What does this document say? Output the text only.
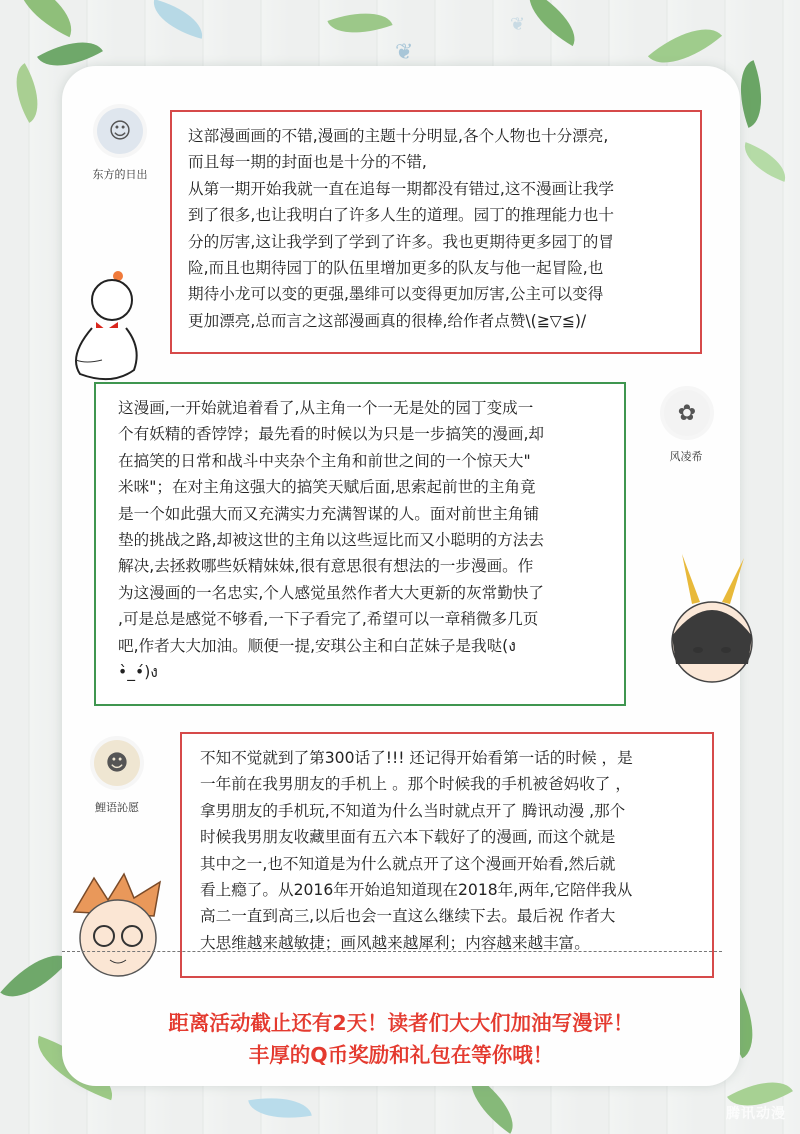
❦
❦
☺
东方的日出
这部漫画画的不错,漫画的主题十分明显,各个人物也十分漂亮,
而且每一期的封面也是十分的不错,
从第一期开始我就一直在追每一期都没有错过,这不漫画让我学
到了很多,也让我明白了许多人生的道理。园丁的推理能力也十
分的厉害,这让我学到了学到了许多。我也更期待更多园丁的冒
险,而且也期待园丁的队伍里增加更多的队友与他一起冒险,也
期待小龙可以变的更强,墨绯可以变得更加厉害,公主可以变得
更加漂亮,总而言之这部漫画真的很棒,给作者点赞\(≧▽≦)/
✿
风凌希
这漫画,一开始就追着看了,从主角一个一无是处的园丁变成一
个有妖精的香饽饽；最先看的时候以为只是一步搞笑的漫画,却
在搞笑的日常和战斗中夹杂个主角和前世之间的一个惊天大"
米咪"；在对主角这强大的搞笑天赋后面,思索起前世的主角竟
是一个如此强大而又充满实力充满智谋的人。面对前世主角铺
垫的挑战之路,却被这世的主角以这些逗比而又小聪明的方法去
解决,去拯救哪些妖精妹妹,很有意思很有想法的一步漫画。作
为这漫画的一名忠实,个人感觉虽然作者大大更新的灰常勤快了
,可是总是感觉不够看,一下子看完了,希望可以一章稍微多几页
吧,作者大大加油。顺便一提,安琪公主和白芷妹子是我哒(ง
•̀_•́)ง
☻
鯉语訫愿
不知不觉就到了第300话了!!! 还记得开始看第一话的时候 ，是
一年前在我男朋友的手机上 。那个时候我的手机被爸妈收了 ，
拿男朋友的手机玩,不知道为什么当时就点开了 腾讯动漫 ,那个
时候我男朋友收藏里面有五六本下载好了的漫画, 而这个就是
其中之一,也不知道是为什么就点开了这个漫画开始看,然后就
看上瘾了。从2016年开始追知道现在2018年,两年,它陪伴我从
高二一直到高三,以后也会一直这么继续下去。最后祝 作者大
大思维越来越敏捷；画风越来越犀利；内容越来越丰富。
距离活动截止还有2天！读者们大大们加油写漫评！
丰厚的Q币奖励和礼包在等你哦！
腾讯动漫
